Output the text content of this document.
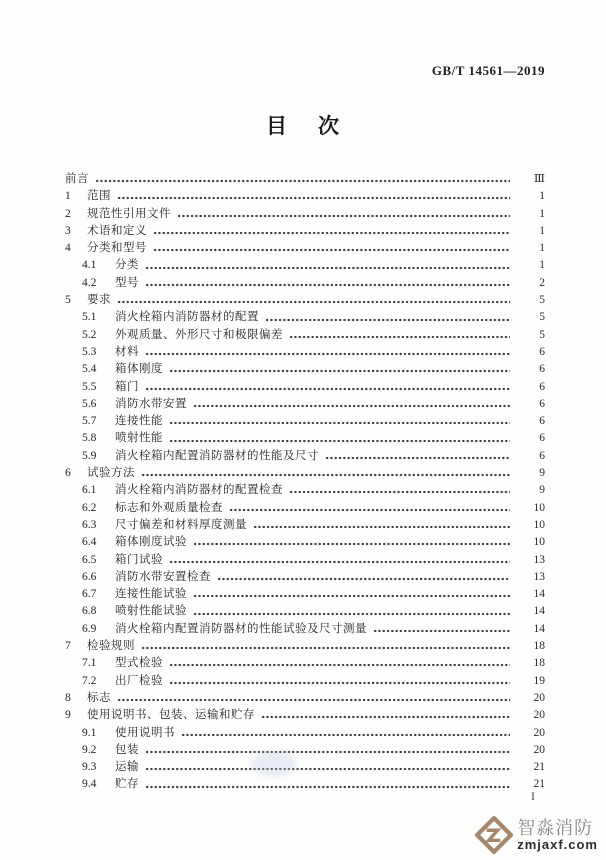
GB/T 14561—2019
目　次
前言	Ⅲ
1	范围	1
2	规范性引用文件	1
3	术语和定义	1
4	分类和型号	1
4.1	分类	1
4.2	型号	2
5	要求	5
5.1	消火栓箱内消防器材的配置	5
5.2	外观质量、外形尺寸和极限偏差	5
5.3	材料	6
5.4	箱体刚度	6
5.5	箱门	6
5.6	消防水带安置	6
5.7	连接性能	6
5.8	喷射性能	6
5.9	消火栓箱内配置消防器材的性能及尺寸	6
6	试验方法	9
6.1	消火栓箱内消防器材的配置检查	9
6.2	标志和外观质量检查	10
6.3	尺寸偏差和材料厚度测量	10
6.4	箱体刚度试验	10
6.5	箱门试验	13
6.6	消防水带安置检查	13
6.7	连接性能试验	14
6.8	喷射性能试验	14
6.9	消火栓箱内配置消防器材的性能试验及尺寸测量	14
7	检验规则	18
7.1	型式检验	18
7.2	出厂检验	19
8	标志	20
9	使用说明书、包装、运输和贮存	20
9.1	使用说明书	20
9.2	包装	20
9.3	运输	21
9.4	贮存	21
I
智淼消防
zmjaxf.com
